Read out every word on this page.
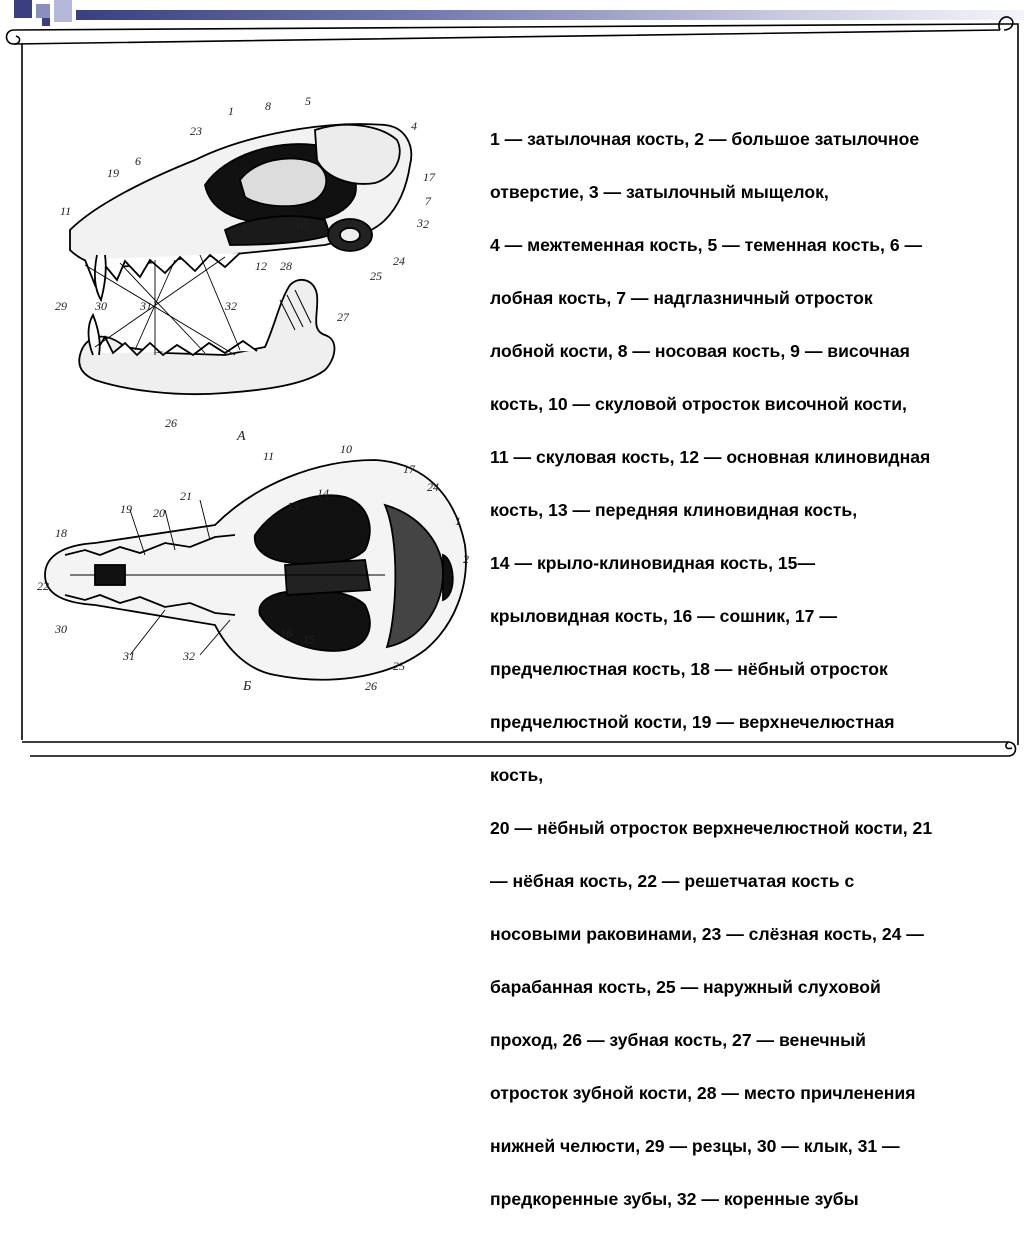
1	8	5
4
23
6
19
11
17
7
2
3
10
28
12
25
24
27
29 30	31	32
26
А
11	10
17
24
18
19 20
21
13
14
1
2
22
15
16
26
25
31	32
30
Б

1 — затылочная кость, 2 — большое затылочное

отверстие, 3 — затылочный мыщелок,

4 — межтеменная кость, 5 — теменная кость, 6 —

лобная кость, 7 — надглазничный отросток

лобной кости, 8 — носовая кость, 9 — височная

кость, 10 — скуловой отросток височной кости,

11 — скуловая кость, 12 — основная клиновидная

кость, 13 — передняя клиновидная кость,

14 — крыло-клиновидная кость, 15—

крыловидная кость, 16 — сошник, 17 —

предчелюстная кость, 18 — нёбный отросток

предчелюстной кости, 19 — верхнечелюстная

кость,

20 — нёбный отросток верхнечелюстной кости, 21

— нёбная кость, 22 — решетчатая кость с

носовыми раковинами, 23 — слёзная кость, 24 —

барабанная кость, 25 — наружный слуховой

проход, 26 — зубная кость, 27 — венечный

отросток зубной кости, 28 — место причленения

нижней челюсти, 29 — резцы, 30 — клык, 31 —

предкоренные зубы, 32 — коренные зубы
